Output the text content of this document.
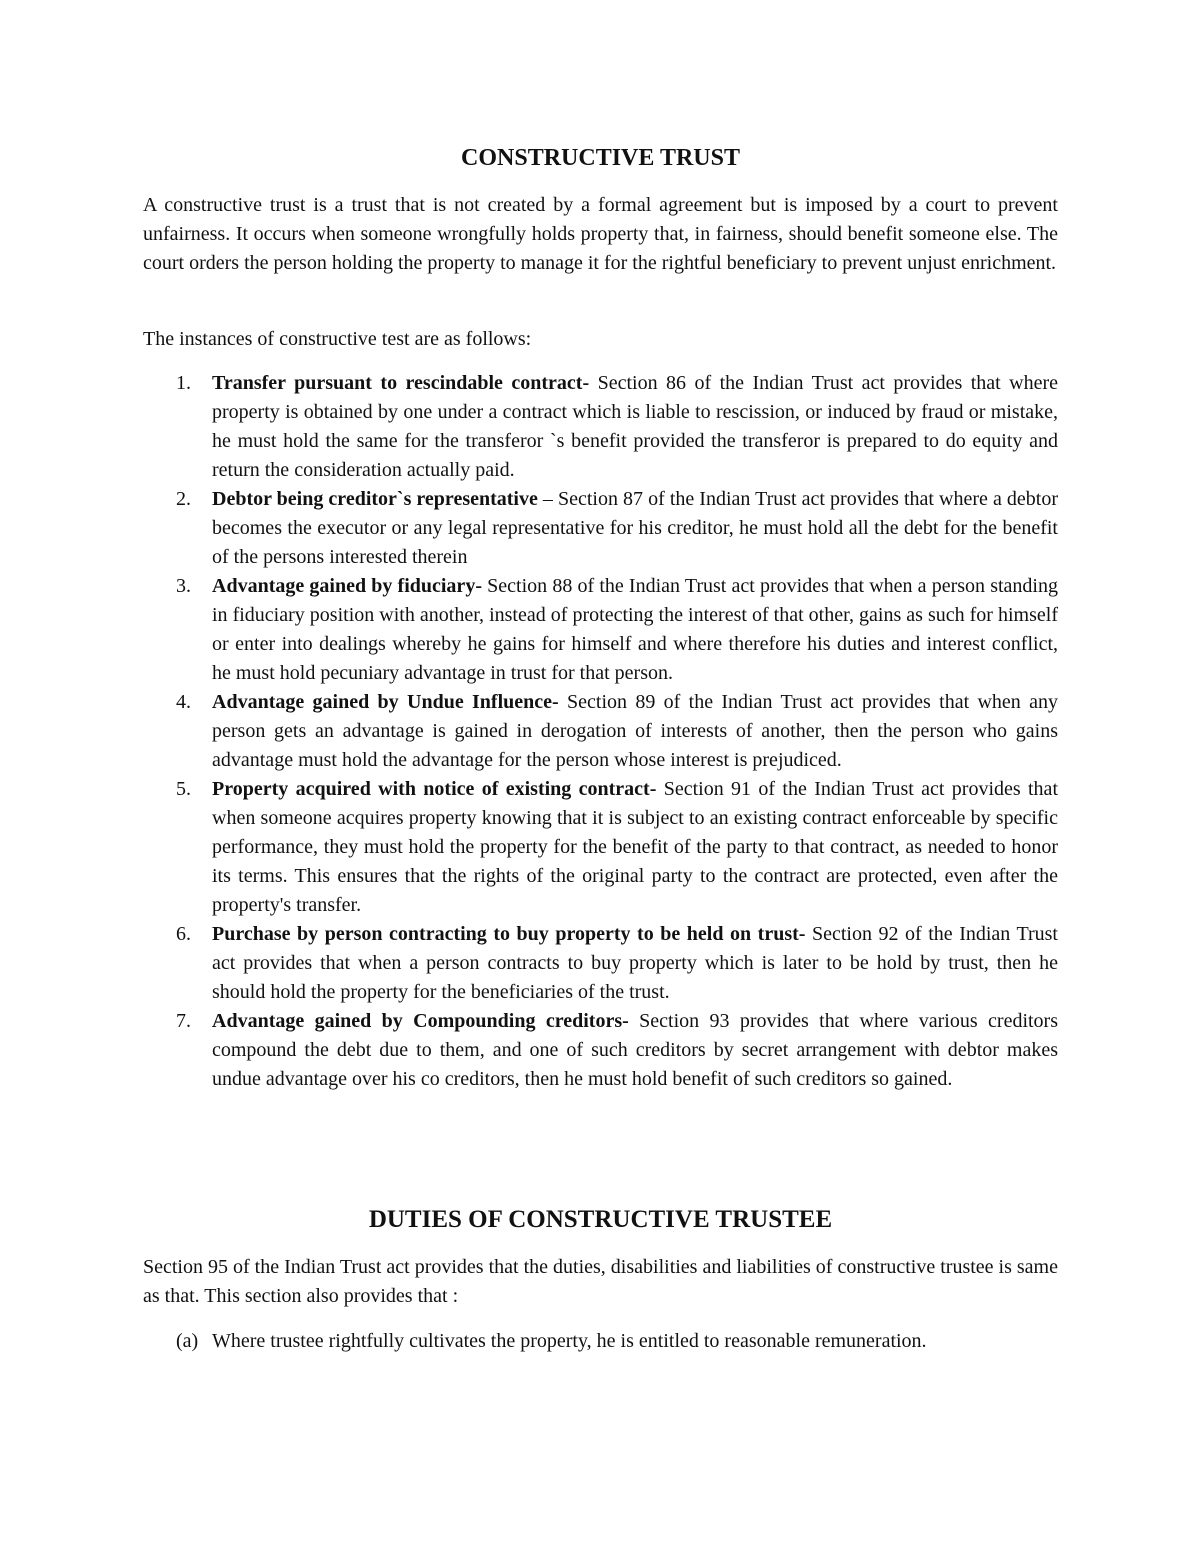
CONSTRUCTIVE TRUST

A constructive trust is a trust that is not created by a formal agreement but is imposed by a court to prevent unfairness. It occurs when someone wrongfully holds property that, in fairness, should benefit someone else. The court orders the person holding the property to manage it for the rightful beneficiary to prevent unjust enrichment.

The instances of constructive test are as follows:

1. Transfer pursuant to rescindable contract- Section 86 of the Indian Trust act provides that where property is obtained by one under a contract which is liable to rescission, or induced by fraud or mistake, he must hold the same for the transferor `s benefit provided the transferor is prepared to do equity and return the consideration actually paid.
2. Debtor being creditor`s representative – Section 87 of the Indian Trust act provides that where a debtor becomes the executor or any legal representative for his creditor, he must hold all the debt for the benefit of the persons interested therein
3. Advantage gained by fiduciary- Section 88 of the Indian Trust act provides that when a person standing in fiduciary position with another, instead of protecting the interest of that other, gains as such for himself or enter into dealings whereby he gains for himself and where therefore his duties and interest conflict, he must hold pecuniary advantage in trust for that person.
4. Advantage gained by Undue Influence- Section 89 of the Indian Trust act provides that when any person gets an advantage is gained in derogation of interests of another, then the person who gains advantage must hold the advantage for the person whose interest is prejudiced.
5. Property acquired with notice of existing contract- Section 91 of the Indian Trust act provides that when someone acquires property knowing that it is subject to an existing contract enforceable by specific performance, they must hold the property for the benefit of the party to that contract, as needed to honor its terms. This ensures that the rights of the original party to the contract are protected, even after the property's transfer.
6. Purchase by person contracting to buy property to be held on trust- Section 92 of the Indian Trust act provides that when a person contracts to buy property which is later to be hold by trust, then he should hold the property for the beneficiaries of the trust.
7. Advantage gained by Compounding creditors- Section 93 provides that where various creditors compound the debt due to them, and one of such creditors by secret arrangement with debtor makes undue advantage over his co creditors, then he must hold benefit of such creditors so gained.
DUTIES OF CONSTRUCTIVE TRUSTEE

Section 95 of the Indian Trust act provides that the duties, disabilities and liabilities of constructive trustee is same as that. This section also provides that :

(a) Where trustee rightfully cultivates the property, he is entitled to reasonable remuneration.
